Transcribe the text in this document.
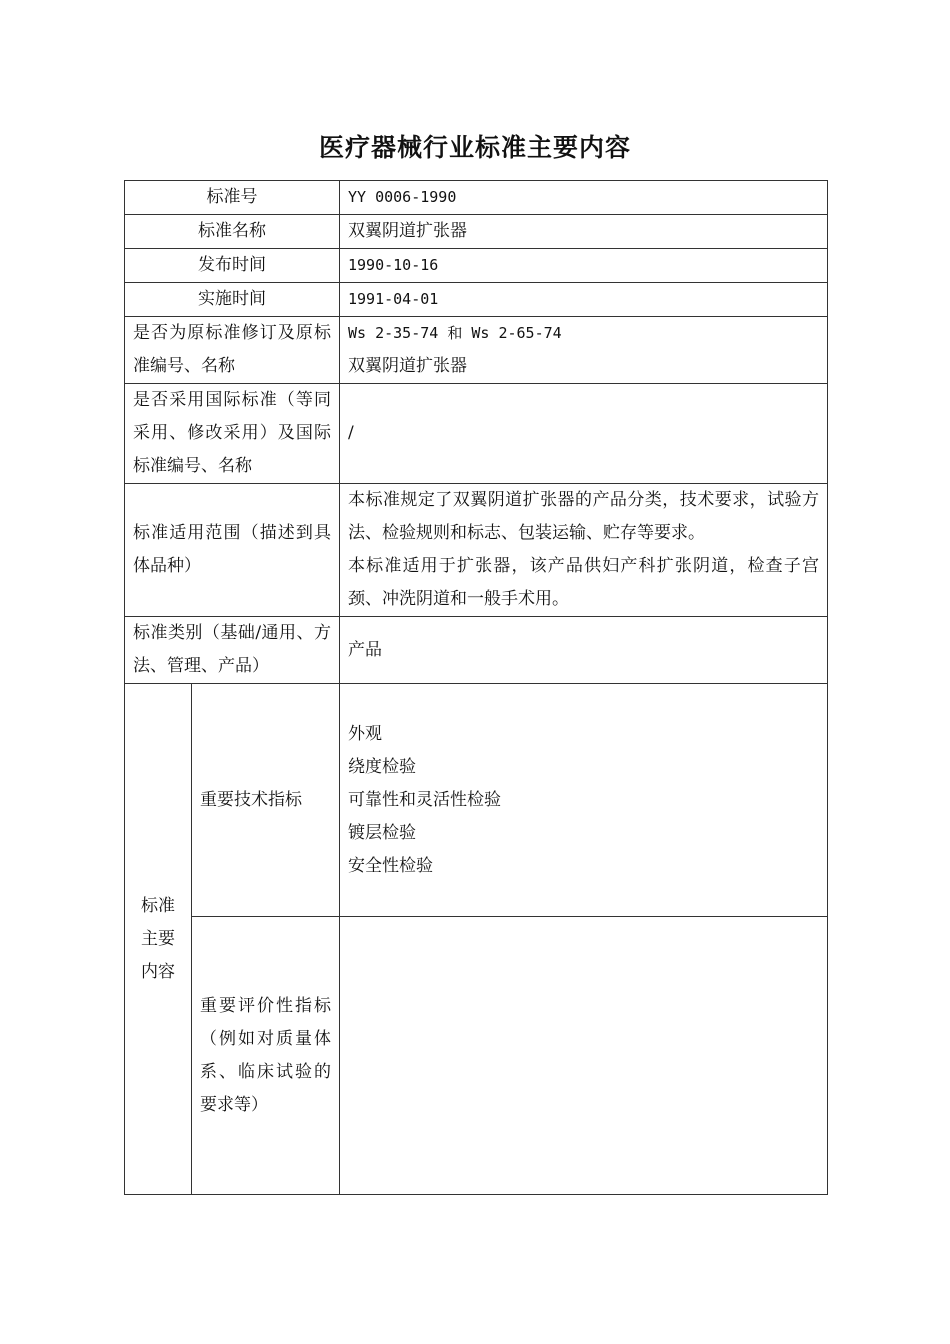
医疗器械行业标准主要内容
标准号		YY 0006-1990
标准名称		双翼阴道扩张器
发布时间		1990-10-16
实施时间		1991-04-01
是否为原标准修订及原标准编号、名称		Ws 2-35-74 和 Ws 2-65-74
双翼阴道扩张器

是否采用国际标准（等同采用、修改采用）及国际标准编号、名称		/
标准适用范围（描述到具体品种）		本标准规定了双翼阴道扩张器的产品分类，技术要求，试验方法、检验规则和标志、包装运输、贮存等要求。
本标准适用于扩张器，该产品供妇产科扩张阴道，检查子宫颈、冲洗阴道和一般手术用。

标准类别（基础/通用、方法、管理、产品）		产品
标准主要内容	重要技术指标	外观
绕度检验
可靠性和灵活性检验
镀层检验
安全性检验

	重要评价性指标（例如对质量体系、临床试验的要求等）	
